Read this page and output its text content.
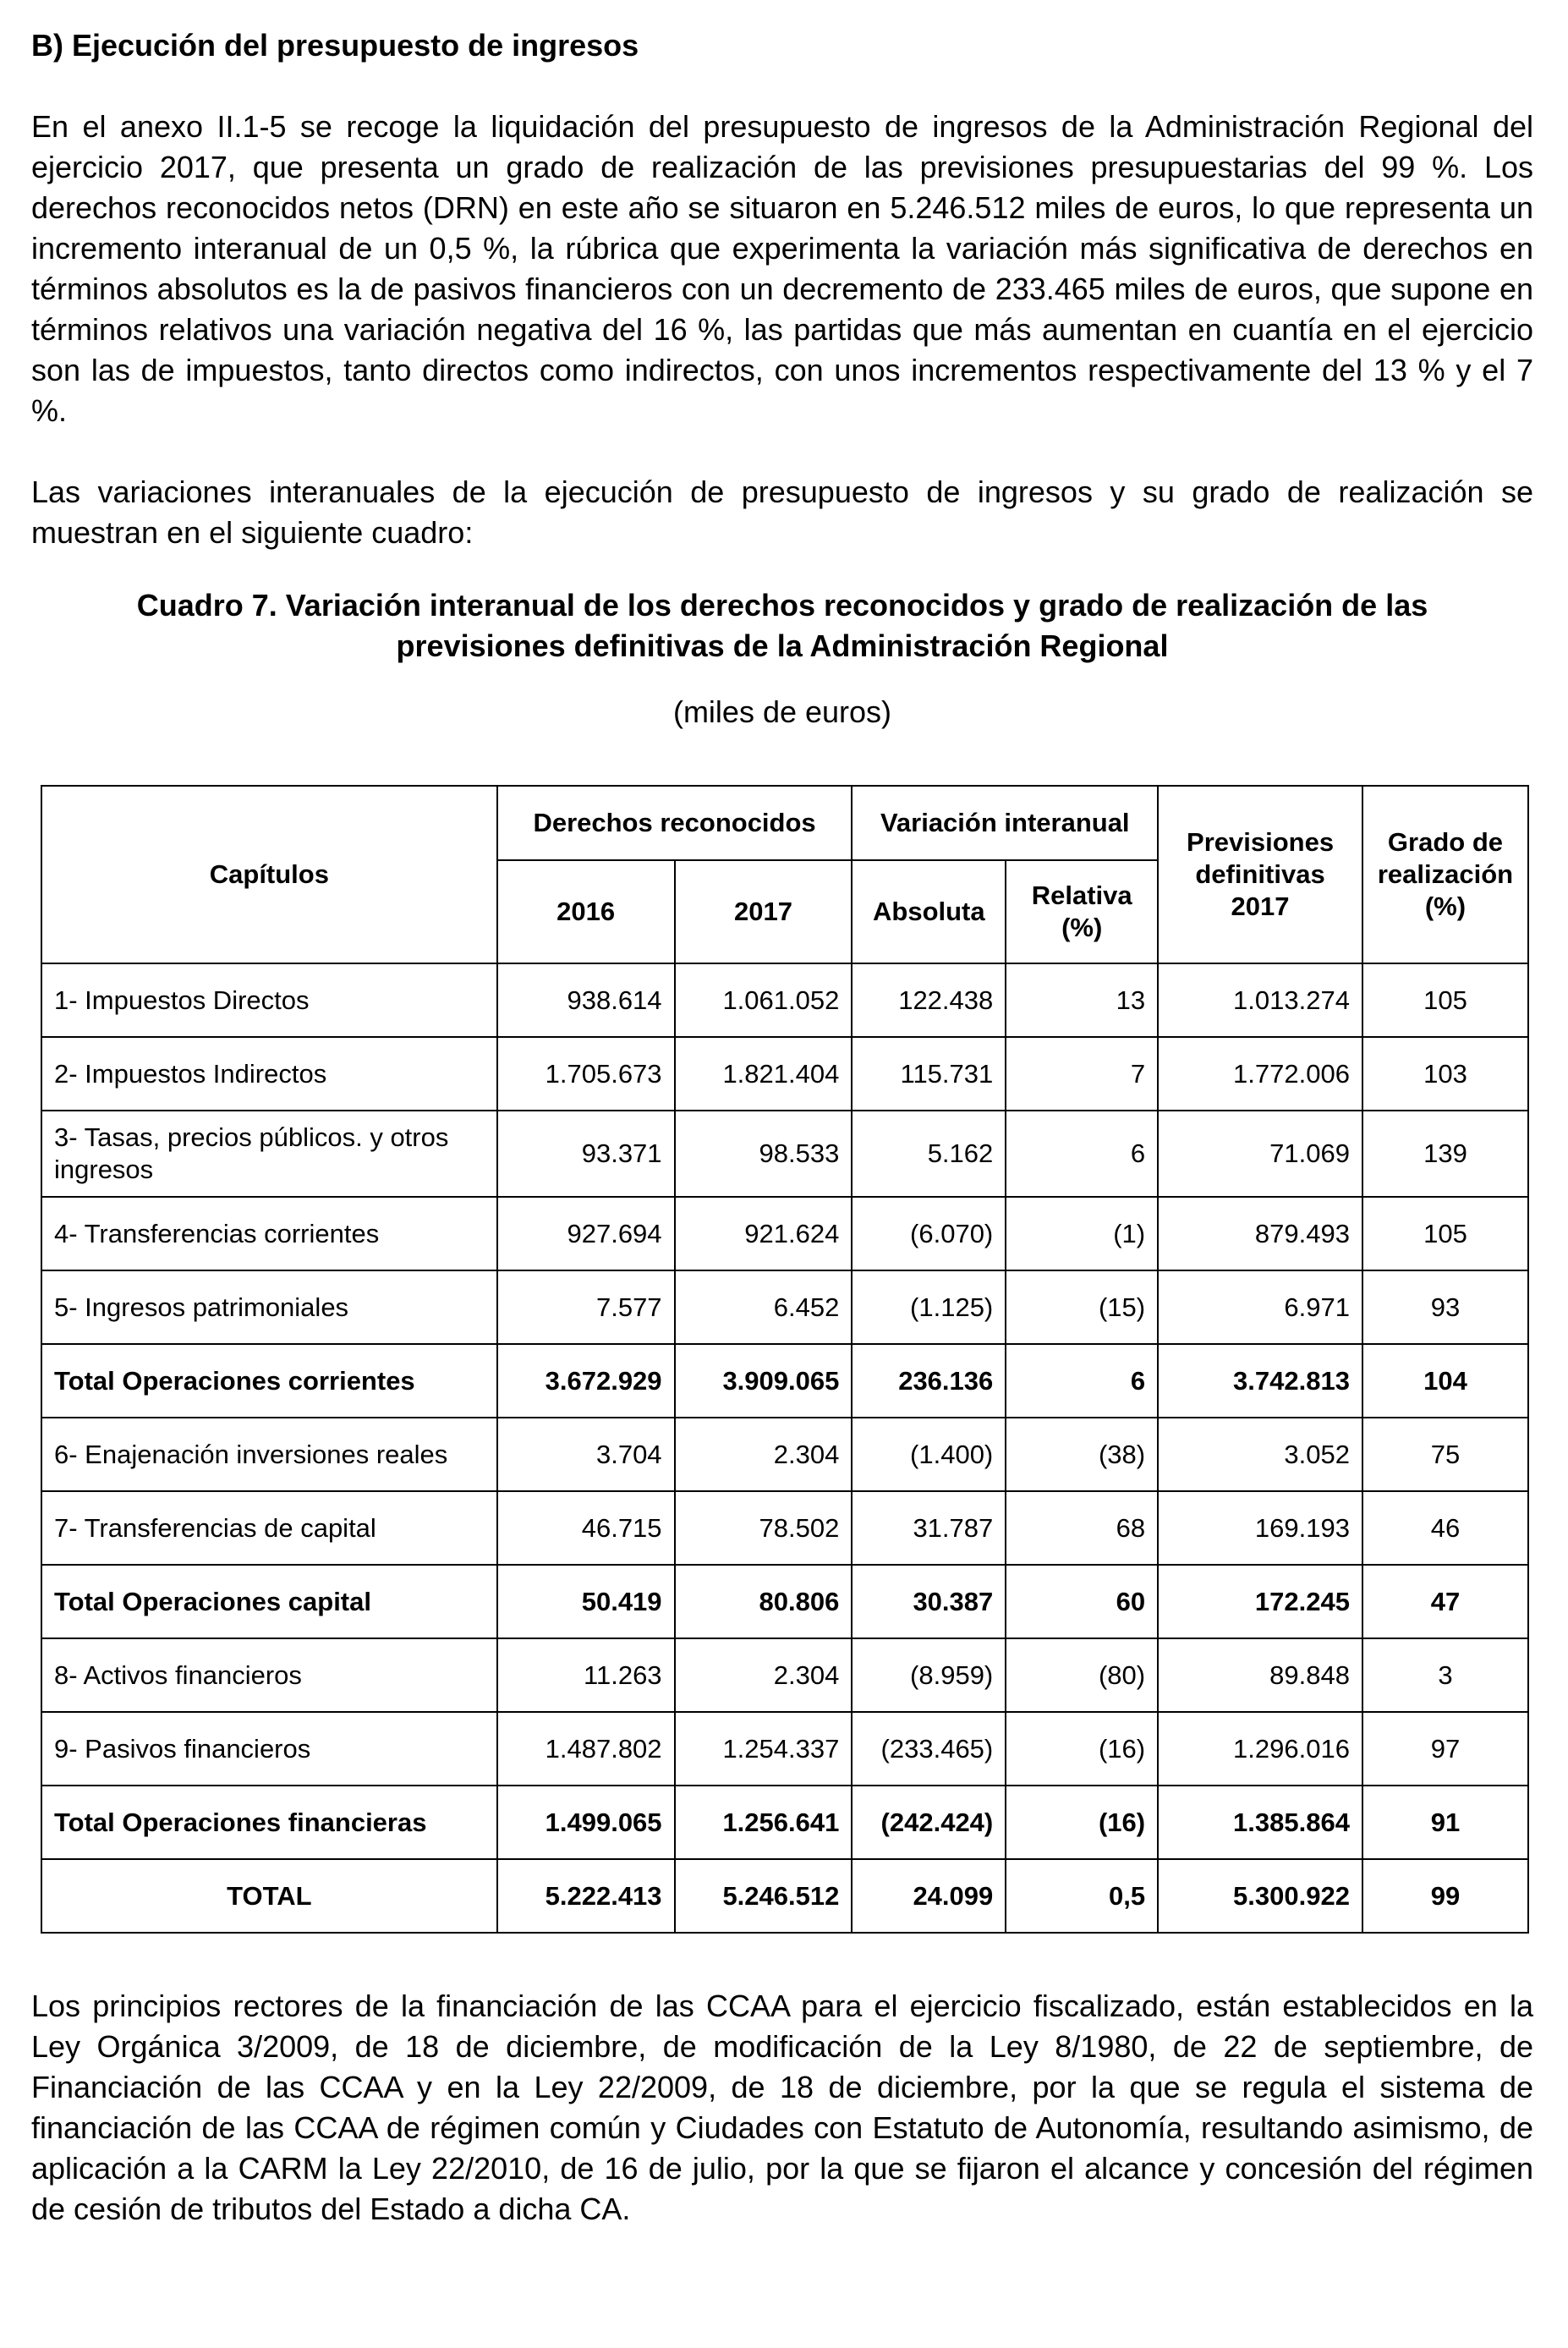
B) Ejecución del presupuesto de ingresos

En el anexo II.1-5 se recoge la liquidación del presupuesto de ingresos de la Administración Regional del ejercicio 2017, que presenta un grado de realización de las previsiones presupuestarias del 99 %. Los derechos reconocidos netos (DRN) en este año se situaron en 5.246.512 miles de euros, lo que representa un incremento interanual de un 0,5 %, la rúbrica que experimenta la variación más significativa de derechos en términos absolutos es la de pasivos financieros con un decremento de 233.465 miles de euros, que supone en términos relativos una variación negativa del 16 %, las partidas que más aumentan en cuantía en el ejercicio son las de impuestos, tanto directos como indirectos, con unos incrementos respectivamente del 13 % y el 7 %.

Las variaciones interanuales de la ejecución de presupuesto de ingresos y su grado de realización se muestran en el siguiente cuadro:

Cuadro 7. Variación interanual de los derechos reconocidos y grado de realización de las

previsiones definitivas de la Administración Regional

(miles de euros)

Capítulos	Derechos reconocidos		Variación interanual		Previsiones definitivas 2017	Grado de realización (%)
	2016	2017	Absoluta	Relativa (%)		
1- Impuestos Directos	938.614	1.061.052	122.438	13	1.013.274	105
2- Impuestos Indirectos	1.705.673	1.821.404	115.731	7	1.772.006	103
3- Tasas, precios públicos. y otros ingresos	93.371	98.533	5.162	6	71.069	139
4- Transferencias corrientes	927.694	921.624	(6.070)	(1)	879.493	105
5- Ingresos patrimoniales	7.577	6.452	(1.125)	(15)	6.971	93
Total Operaciones corrientes	3.672.929	3.909.065	236.136	6	3.742.813	104
6- Enajenación inversiones reales	3.704	2.304	(1.400)	(38)	3.052	75
7- Transferencias de capital	46.715	78.502	31.787	68	169.193	46
Total Operaciones capital	50.419	80.806	30.387	60	172.245	47
8- Activos financieros	11.263	2.304	(8.959)	(80)	89.848	3
9- Pasivos financieros	1.487.802	1.254.337	(233.465)	(16)	1.296.016	97
Total Operaciones financieras	1.499.065	1.256.641	(242.424)	(16)	1.385.864	91
TOTAL	5.222.413	5.246.512	24.099	0,5	5.300.922	99

Los principios rectores de la financiación de las CCAA para el ejercicio fiscalizado, están establecidos en la Ley Orgánica 3/2009, de 18 de diciembre, de modificación de la Ley 8/1980, de 22 de septiembre, de Financiación de las CCAA y en la Ley 22/2009, de 18 de diciembre, por la que se regula el sistema de financiación de las CCAA de régimen común y Ciudades con Estatuto de Autonomía, resultando asimismo, de aplicación a la CARM la Ley 22/2010, de 16 de julio, por la que se fijaron el alcance y concesión del régimen de cesión de tributos del Estado a dicha CA.
